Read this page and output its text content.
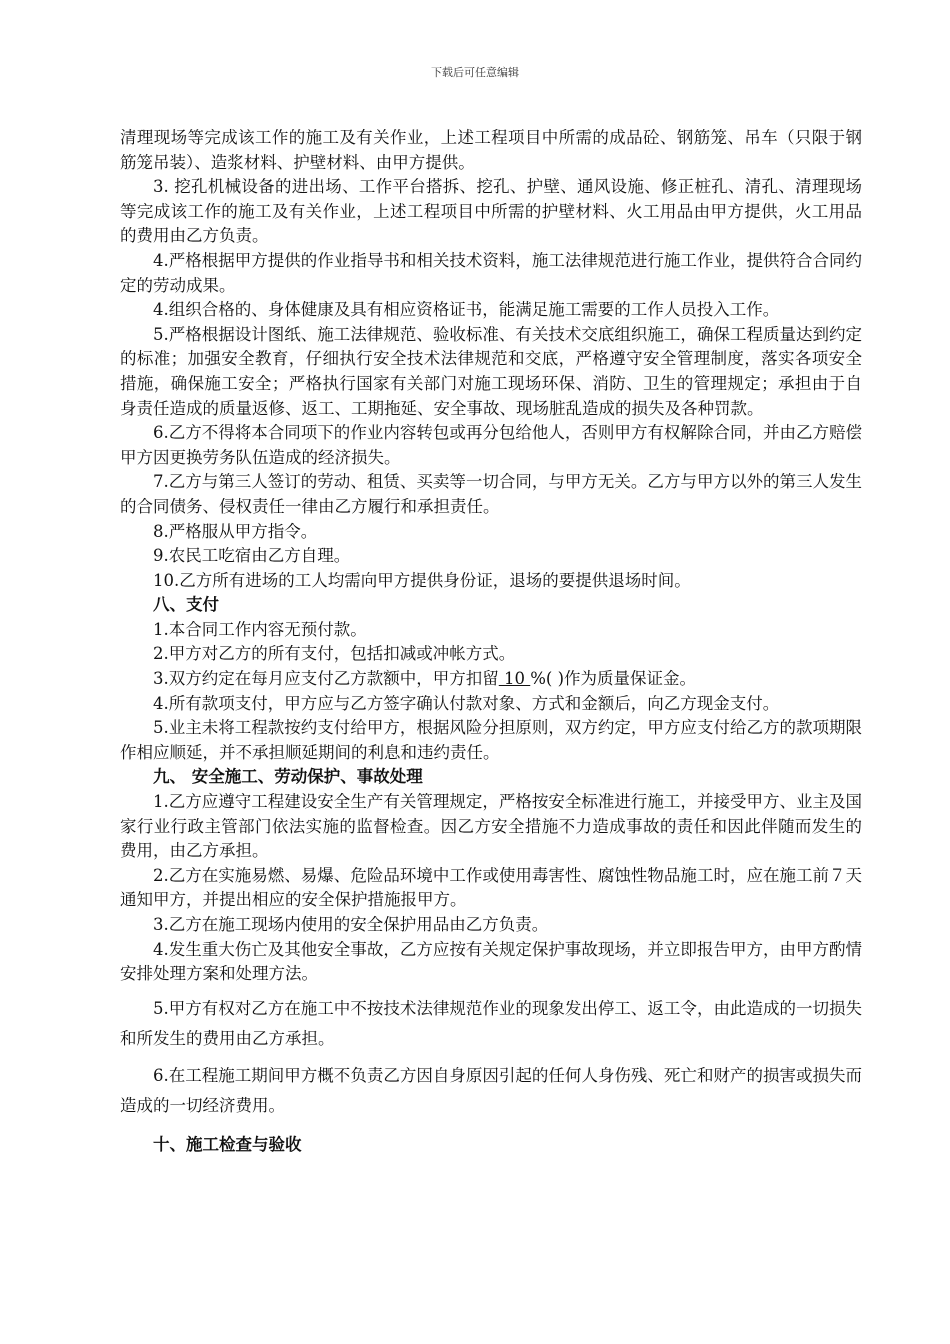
下载后可任意编辑

清理现场等完成该工作的施工及有关作业，上述工程项目中所需的成品砼、钢筋笼、吊车（只限于钢筋笼吊装）、造浆材料、护壁材料、由甲方提供。

3. 挖孔机械设备的进出场、工作平台搭拆、挖孔、护壁、通风设施、修正桩孔、清孔、清理现场等完成该工作的施工及有关作业，上述工程项目中所需的护壁材料、火工用品由甲方提供，火工用品的费用由乙方负责。

4.严格根据甲方提供的作业指导书和相关技术资料，施工法律规范进行施工作业，提供符合合同约定的劳动成果。

4.组织合格的、身体健康及具有相应资格证书，能满足施工需要的工作人员投入工作。

5.严格根据设计图纸、施工法律规范、验收标准、有关技术交底组织施工，确保工程质量达到约定的标准；加强安全教育，仔细执行安全技术法律规范和交底，严格遵守安全管理制度，落实各项安全措施，确保施工安全；严格执行国家有关部门对施工现场环保、消防、卫生的管理规定；承担由于自身责任造成的质量返修、返工、工期拖延、安全事故、现场脏乱造成的损失及各种罚款。

6.乙方不得将本合同项下的作业内容转包或再分包给他人，否则甲方有权解除合同，并由乙方赔偿甲方因更换劳务队伍造成的经济损失。

7.乙方与第三人签订的劳动、租赁、买卖等一切合同，与甲方无关。乙方与甲方以外的第三人发生的合同债务、侵权责任一律由乙方履行和承担责任。

8.严格服从甲方指令。

9.农民工吃宿由乙方自理。

10.乙方所有进场的工人均需向甲方提供身份证，退场的要提供退场时间。

八、支付

1.本合同工作内容无预付款。

2.甲方对乙方的所有支付，包括扣减或冲帐方式。

3.双方约定在每月应支付乙方款额中，甲方扣留 10 %( )作为质量保证金。

4.所有款项支付，甲方应与乙方签字确认付款对象、方式和金额后，向乙方现金支付。

5.业主未将工程款按约支付给甲方，根据风险分担原则，双方约定，甲方应支付给乙方的款项期限作相应顺延，并不承担顺延期间的利息和违约责任。

九、 安全施工、劳动保护、事故处理

1.乙方应遵守工程建设安全生产有关管理规定，严格按安全标准进行施工，并接受甲方、业主及国家行业行政主管部门依法实施的监督检查。因乙方安全措施不力造成事故的责任和因此伴随而发生的费用，由乙方承担。

2.乙方在实施易燃、易爆、危险品环境中工作或使用毒害性、腐蚀性物品施工时，应在施工前７天通知甲方，并提出相应的安全保护措施报甲方。

3.乙方在施工现场内使用的安全保护用品由乙方负责。

4.发生重大伤亡及其他安全事故，乙方应按有关规定保护事故现场，并立即报告甲方，由甲方酌情安排处理方案和处理方法。

5.甲方有权对乙方在施工中不按技术法律规范作业的现象发出停工、返工令，由此造成的一切损失和所发生的费用由乙方承担。

6.在工程施工期间甲方概不负责乙方因自身原因引起的任何人身伤残、死亡和财产的损害或损失而造成的一切经济费用。

十、施工检查与验收
